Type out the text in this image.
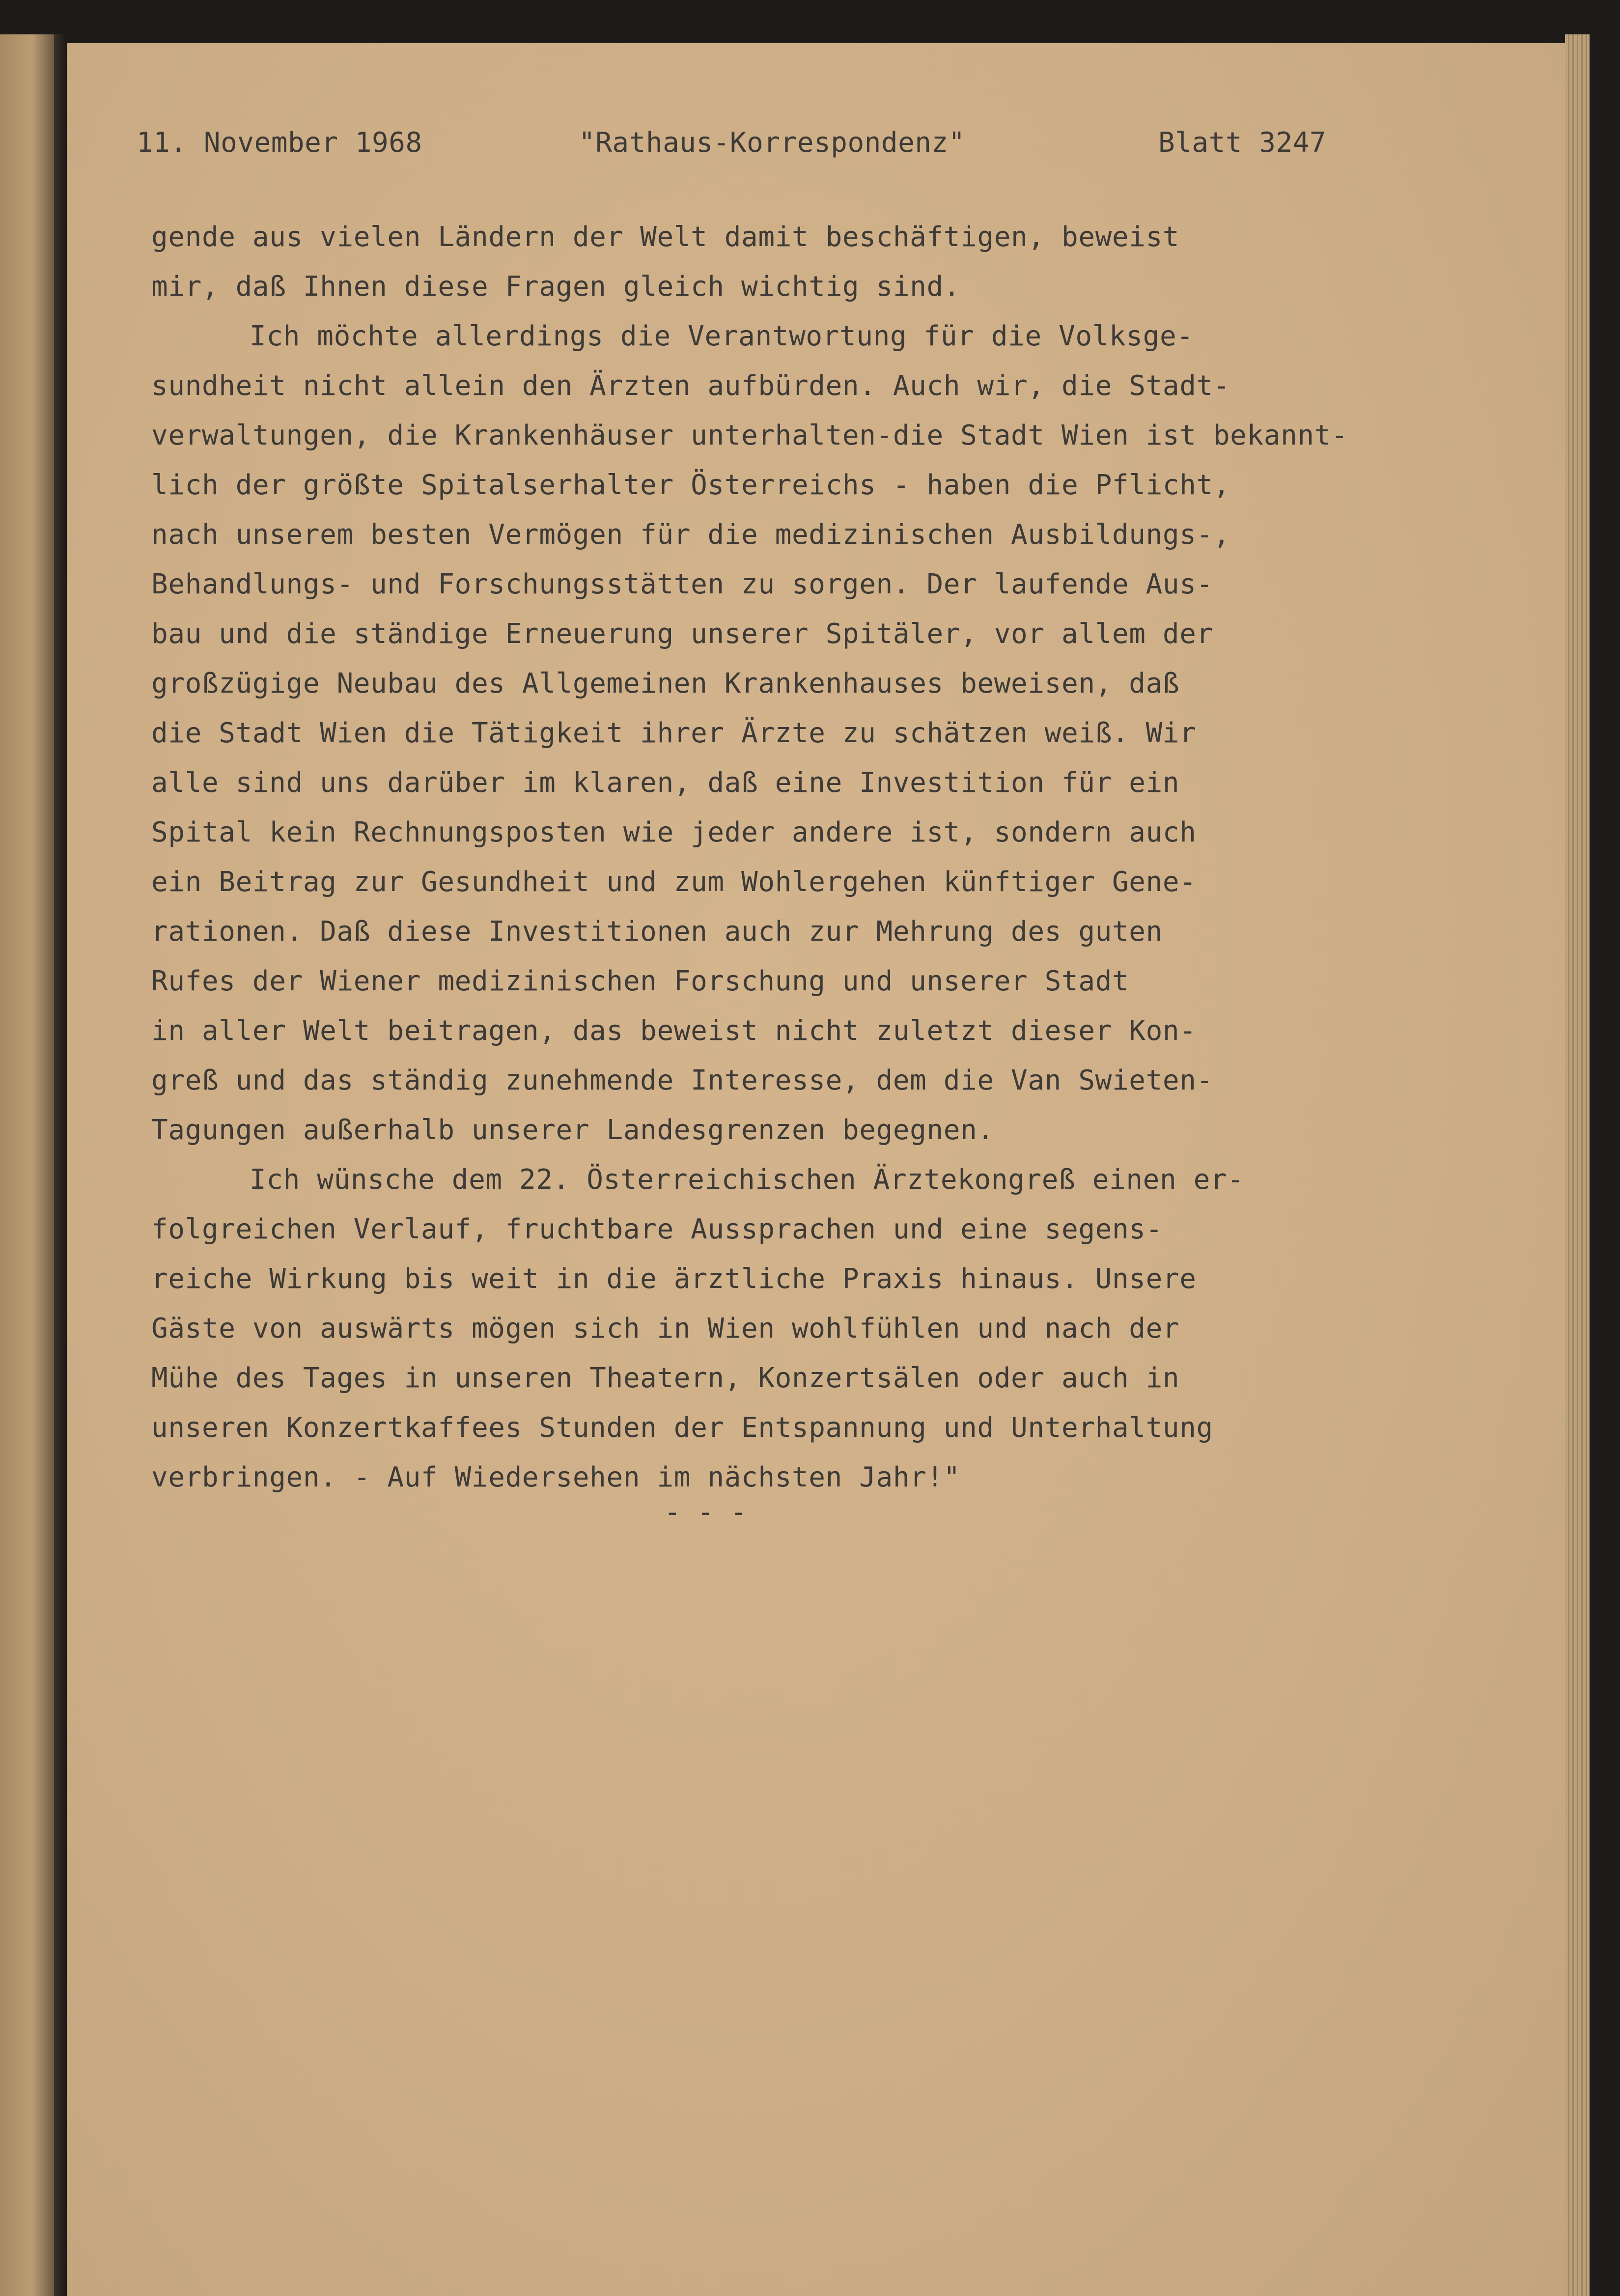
11. November 1968	"Rathaus-Korrespondenz"	Blatt 3247
gende aus vielen Ländern der Welt damit beschäftigen, beweist
mir, daß Ihnen diese Fragen gleich wichtig sind.
Ich möchte allerdings die Verantwortung für die Volksge-
sundheit nicht allein den Ärzten aufbürden. Auch wir, die Stadt-
verwaltungen, die Krankenhäuser unterhalten-die Stadt Wien ist bekannt-
lich der größte Spitalserhalter Österreichs - haben die Pflicht,
nach unserem besten Vermögen für die medizinischen Ausbildungs-,
Behandlungs- und Forschungsstätten zu sorgen. Der laufende Aus-
bau und die ständige Erneuerung unserer Spitäler, vor allem der
großzügige Neubau des Allgemeinen Krankenhauses beweisen, daß
die Stadt Wien die Tätigkeit ihrer Ärzte zu schätzen weiß. Wir
alle sind uns darüber im klaren, daß eine Investition für ein
Spital kein Rechnungsposten wie jeder andere ist, sondern auch
ein Beitrag zur Gesundheit und zum Wohlergehen künftiger Gene-
rationen. Daß diese Investitionen auch zur Mehrung des guten
Rufes der Wiener medizinischen Forschung und unserer Stadt
in aller Welt beitragen, das beweist nicht zuletzt dieser Kon-
greß und das ständig zunehmende Interesse, dem die Van Swieten-
Tagungen außerhalb unserer Landesgrenzen begegnen.
Ich wünsche dem 22. Österreichischen Ärztekongreß einen er-
folgreichen Verlauf, fruchtbare Aussprachen und eine segens-
reiche Wirkung bis weit in die ärztliche Praxis hinaus. Unsere
Gäste von auswärts mögen sich in Wien wohlfühlen und nach der
Mühe des Tages in unseren Theatern, Konzertsälen oder auch in
unseren Konzertkaffees Stunden der Entspannung und Unterhaltung
verbringen. - Auf Wiedersehen im nächsten Jahr!"
- - -
